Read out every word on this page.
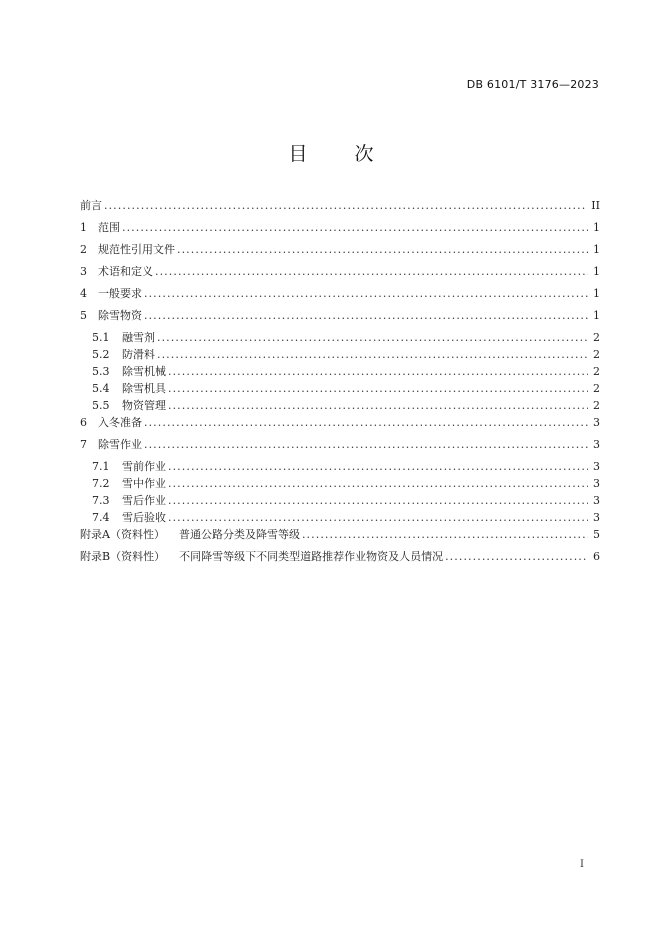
DB 6101/T 3176—2023
目　次
前言 . . .	II
1	范围 . . .	1
2	规范性引用文件 . . .	1
3	术语和定义 . . .	1
4	一般要求 . . .	1
5	除雪物资 . . .	1
5.1	融雪剂 . . .	2
5.2	防滑料 . . .	2
5.3	除雪机械 . . .	2
5.4	除雪机具 . . .	2
5.5	物资管理 . . .	2
6	入冬准备 . . .	3
7	除雪作业 . . .	3
7.1	雪前作业 . . .	3
7.2	雪中作业 . . .	3
7.3	雪后作业 . . .	3
7.4	雪后验收 . . .	3
附录A（资料性） 普通公路分类及降雪等级 . . .	5
附录B（资料性） 不同降雪等级下不同类型道路推荐作业物资及人员情况 . . .	6
I
